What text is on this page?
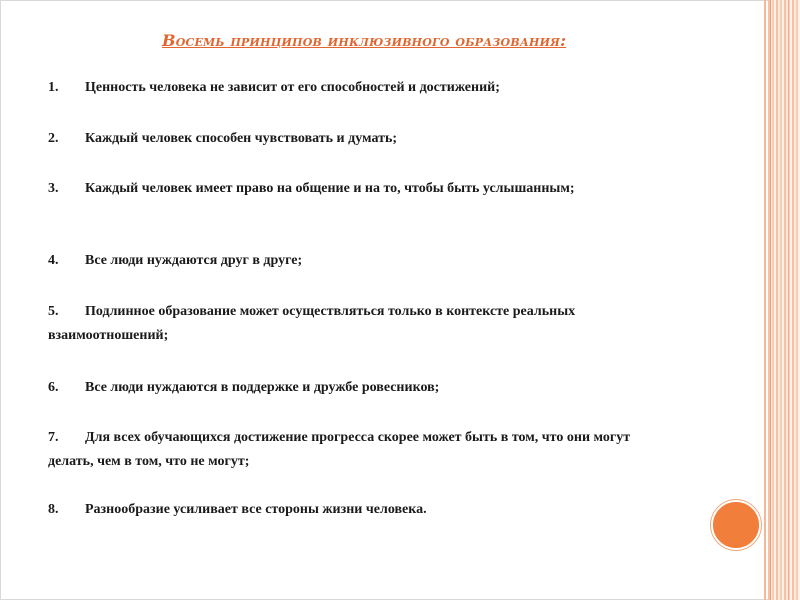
Восемь принципов инклюзивного образования:
1. Ценность человека не зависит от его способностей и достижений;
2. Каждый человек способен чувствовать и думать;
3. Каждый человек имеет право на общение и на то, чтобы быть услышанным;
4. Все люди нуждаются друг в друге;
5. Подлинное образование может осуществляться только в контексте реальных взаимоотношений;
6. Все люди нуждаются в поддержке и дружбе ровесников;
7. Для всех обучающихся достижение прогресса скорее может быть в том, что они могут делать, чем в том, что не могут;
8. Разнообразие усиливает все стороны жизни человека.
